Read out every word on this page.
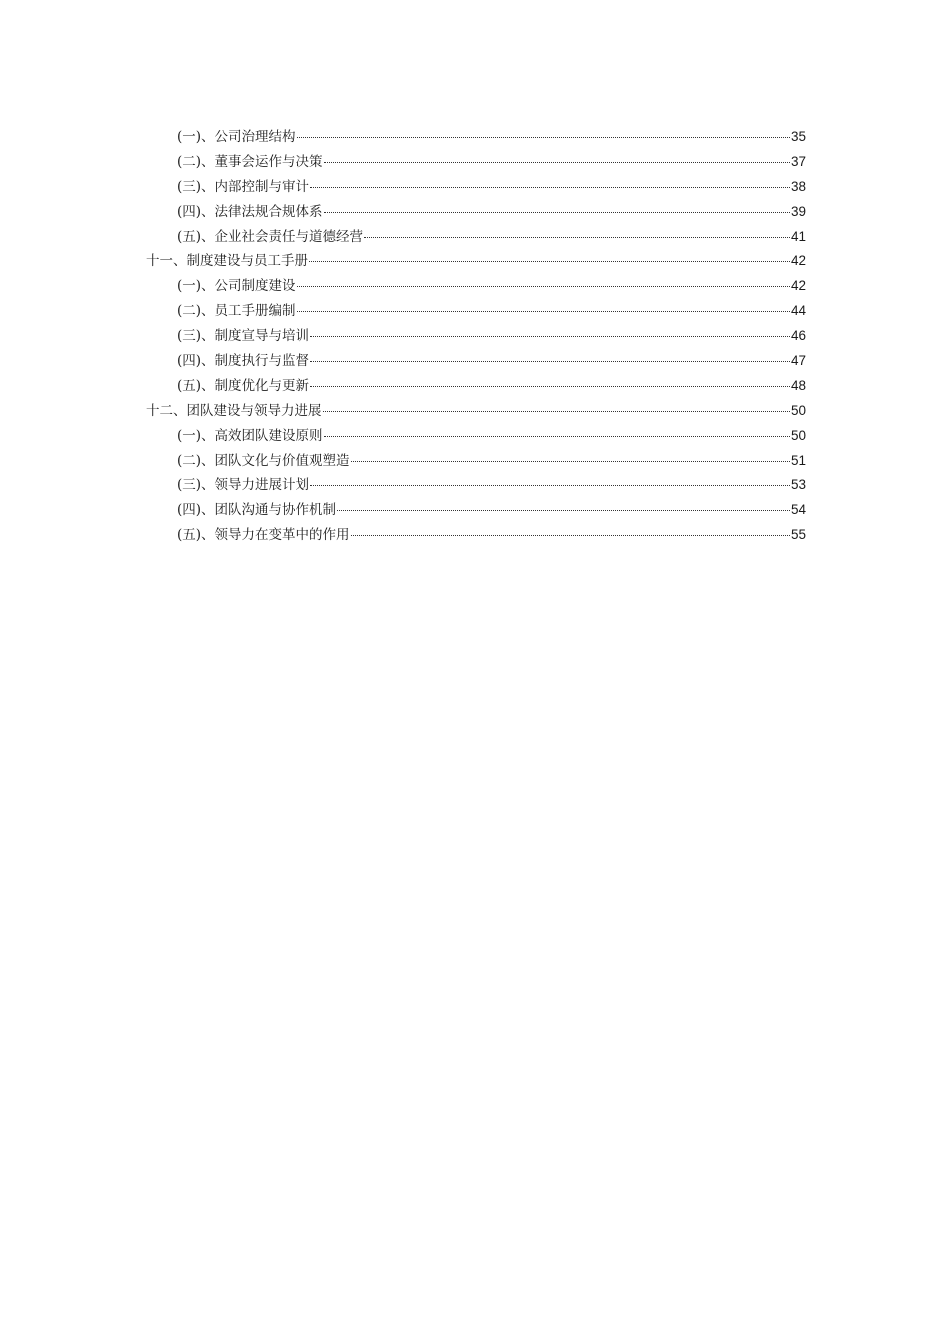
(一)、公司治理结构	35
(二)、董事会运作与决策	37
(三)、内部控制与审计	38
(四)、法律法规合规体系	39
(五)、企业社会责任与道德经营	41
十一、制度建设与员工手册	42
(一)、公司制度建设	42
(二)、员工手册编制	44
(三)、制度宣导与培训	46
(四)、制度执行与监督	47
(五)、制度优化与更新	48
十二、团队建设与领导力进展	50
(一)、高效团队建设原则	50
(二)、团队文化与价值观塑造	51
(三)、领导力进展计划	53
(四)、团队沟通与协作机制	54
(五)、领导力在变革中的作用	55
